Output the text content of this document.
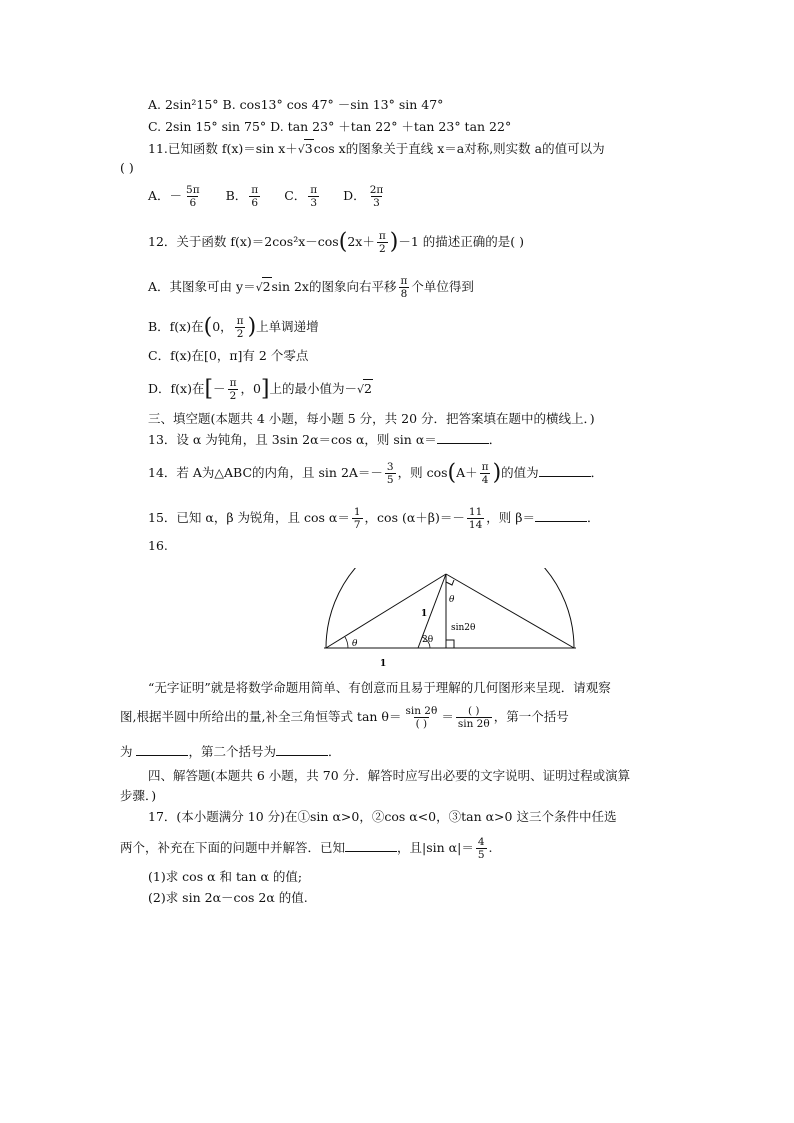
A. 2sin²15° B. cos13° cos 47° －sin 13° sin 47°
C. 2sin 15° sin 75° D. tan 23° ＋tan 22° ＋tan 23° tan 22°
11.已知函数 f(x)＝sin x＋√3cos x的图象关于直线 x＝a对称,则实数 a的值可以为
( )
A．－ $\frac{5\pi}{6}$ B． $\frac{\pi}{6}$ C． $\frac{\pi}{3}$ D． $\frac{2\pi}{3}$
12．关于函数 $f(x)=2\cos^2x-\cos(2x+ \frac{\pi}{2} )-1$ 的描述正确的是( )
A．其图象可由 y＝√2sin 2x的图象向右平移 $\frac{\pi}{8}$ 个单位得到
B．f(x)在(0， $\frac{\pi}{2}$ )上单调递增
C．f(x)在[0，π]有 2 个零点
D．f(x)在[－ $\frac{\pi}{2}$ ，0]上的最小值为－√2
三、填空题(本题共 4 小题，每小题 5 分，共 20 分．把答案填在题中的横线上．)
13．设 α 为钝角，且 3sin 2α＝cos α，则 sin α＝	．
14．若 A为△ABC的内角，且 $\sin 2A=- \frac{3}{5}$ ，则 $\cos(A+ \frac{\pi}{4}$ )的值为	．
15．已知 α，β 为锐角，且 $\cos \alpha= \frac{1}{7}$ ，$\cos (\alpha+\beta)=- \frac{11}{14}$ ，则 β＝	．
16.
θ
1
2θ
θ
sin2θ
1
“无字证明”就是将数学命题用简单、有创意而且易于理解的几何图形来呈现．请观察
图,根据半圆中所给出的量,补全三角恒等式 $\tan \theta= \frac{\sin 2\theta}{( )} = \frac{( )}{\sin 2\theta}$ ，第一个括号
为	，第二个括号为	．
四、解答题(本题共 6 小题，共 70 分．解答时应写出必要的文字说明、证明过程或演算
步骤．)
17．(本小题满分 10 分)在①sin α>0，②cos α<0，③tan α>0 这三个条件中任选
两个，补充在下面的问题中并解答．已知	，且|sin $\alpha|= \frac{4}{5}$ .
(1)求 cos α 和 tan α 的值;
(2)求 sin 2α－cos 2α 的值.
